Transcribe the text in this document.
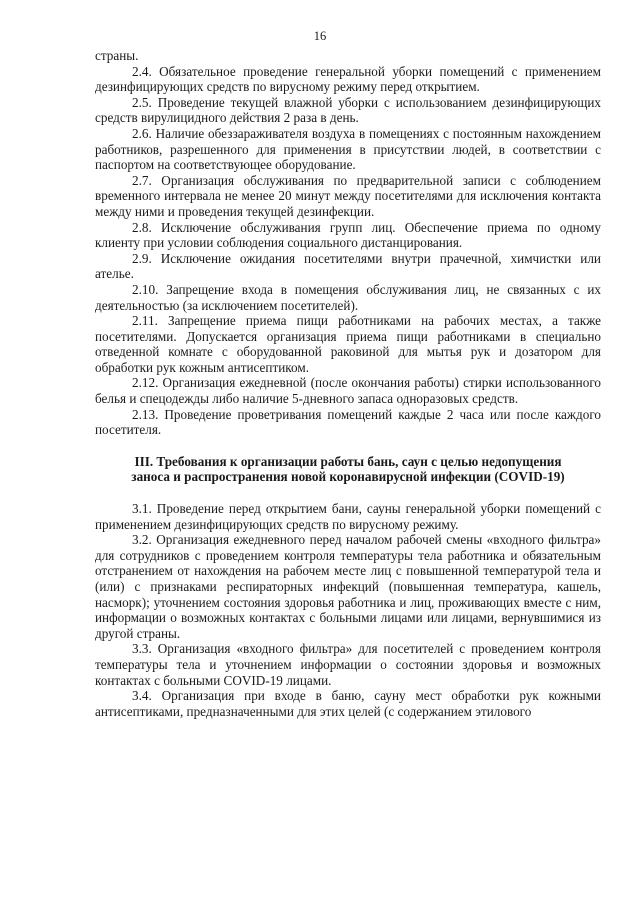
16

страны.

2.4. Обязательное проведение генеральной уборки помещений с применением дезинфицирующих средств по вирусному режиму перед открытием.

2.5. Проведение текущей влажной уборки с использованием дезинфицирующих средств вирулицидного действия 2 раза в день.

2.6. Наличие обеззараживателя воздуха в помещениях с постоянным нахождением работников, разрешенного для применения в присутствии людей, в соответствии с паспортом на соответствующее оборудование.

2.7. Организация обслуживания по предварительной записи с соблюдением временного интервала не менее 20 минут между посетителями для исключения контакта между ними и проведения текущей дезинфекции.

2.8. Исключение обслуживания групп лиц. Обеспечение приема по одному клиенту при условии соблюдения социального дистанцирования.

2.9. Исключение ожидания посетителями внутри прачечной, химчистки или ателье.

2.10. Запрещение входа в помещения обслуживания лиц, не связанных с их деятельностью (за исключением посетителей).

2.11. Запрещение приема пищи работниками на рабочих местах, а также посетителями. Допускается организация приема пищи работниками в специально отведенной комнате с оборудованной раковиной для мытья рук и дозатором для обработки рук кожным антисептиком.

2.12. Организация ежедневной (после окончания работы) стирки использованного белья и спецодежды либо наличие 5-дневного запаса одноразовых средств.

2.13. Проведение проветривания помещений каждые 2 часа или после каждого посетителя.

III. Требования к организации работы бань, саун с целью недопущения
заноса и распространения новой коронавирусной инфекции (COVID-19)

3.1. Проведение перед открытием бани, сауны генеральной уборки помещений с применением дезинфицирующих средств по вирусному режиму.

3.2. Организация ежедневного перед началом рабочей смены «входного фильтра» для сотрудников с проведением контроля температуры тела работника и обязательным отстранением от нахождения на рабочем месте лиц с повышенной температурой тела и (или) с признаками респираторных инфекций (повышенная температура, кашель, насморк); уточнением состояния здоровья работника и лиц, проживающих вместе с ним, информации о возможных контактах с больными лицами или лицами, вернувшимися из другой страны.

3.3. Организация «входного фильтра» для посетителей с проведением контроля температуры тела и уточнением информации о состоянии здоровья и возможных контактах с больными COVID-19 лицами.

3.4. Организация при входе в баню, сауну мест обработки рук кожными антисептиками, предназначенными для этих целей (с содержанием этилового
